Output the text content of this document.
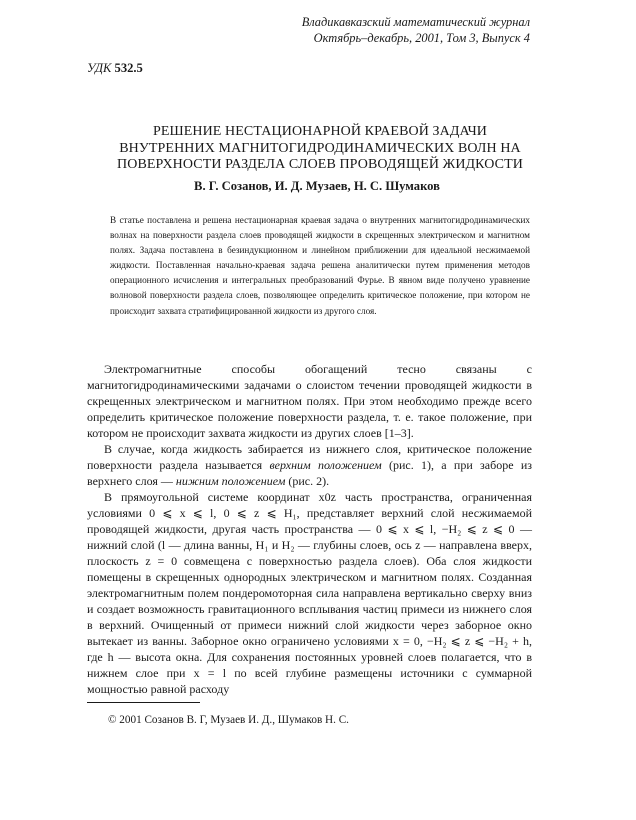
Владикавказский математический журнал
Октябрь–декабрь, 2001, Том 3, Выпуск 4
УДК 532.5
РЕШЕНИЕ НЕСТАЦИОНАРНОЙ КРАЕВОЙ ЗАДАЧИ
ВНУТРЕННИХ МАГНИТОГИДРОДИНАМИЧЕСКИХ ВОЛН НА
ПОВЕРХНОСТИ РАЗДЕЛА СЛОЕВ ПРОВОДЯЩЕЙ ЖИДКОСТИ
В. Г. Созанов, И. Д. Музаев, Н. С. Шумаков
В статье поставлена и решена нестационарная краевая задача о внутренних магнитогидродинамических волнах на поверхности раздела слоев проводящей жидкости в скрещенных электрическом и магнитном полях. Задача поставлена в безиндукционном и линейном приближении для идеальной несжимаемой жидкости. Поставленная начально-краевая задача решена аналитически путем применения методов операционного исчисления и интегральных преобразований Фурье. В явном виде получено уравнение волновой поверхности раздела слоев, позволяющее определить критическое положение, при котором не происходит захвата стратифицированной жидкости из другого слоя.

Электромагнитные способы обогащений тесно связаны с магнитогидродинамическими задачами о слоистом течении проводящей жидкости в скрещенных электрическом и магнитном полях. При этом необходимо прежде всего определить критическое положение поверхности раздела, т. е. такое положение, при котором не происходит захвата жидкости из других слоев [1–3].

В случае, когда жидкость забирается из нижнего слоя, критическое положение поверхности раздела называется верхним положением (рис. 1), а при заборе из верхнего слоя — нижним положением (рис. 2).

В прямоугольной системе координат x0z часть пространства, ограниченная условиями 0 ⩽ x ⩽ l, 0 ⩽ z ⩽ H₁, представляет верхний слой несжимаемой проводящей жидкости, другая часть пространства — 0 ⩽ x ⩽ l, −H₂ ⩽ z ⩽ 0 — нижний слой (l — длина ванны, H₁ и H₂ — глубины слоев, ось z — направлена вверх, плоскость z = 0 совмещена с поверхностью раздела слоев). Оба слоя жидкости помещены в скрещенных однородных электрическом и магнитном полях. Созданная электромагнитным полем пондеромоторная сила направлена вертикально сверху вниз и создает возможность гравитационного всплывания частиц примеси из нижнего слоя в верхний. Очищенный от примеси нижний слой жидкости через заборное окно вытекает из ванны. Заборное окно ограничено условиями x = 0, −H₂ ⩽ z ⩽ −H₂ + h, где h — высота окна. Для сохранения постоянных уровней слоев полагается, что в нижнем слое при x = l по всей глубине размещены источники с суммарной мощностью равной расходу

© 2001 Созанов В. Г, Музаев И. Д., Шумаков Н. С.
